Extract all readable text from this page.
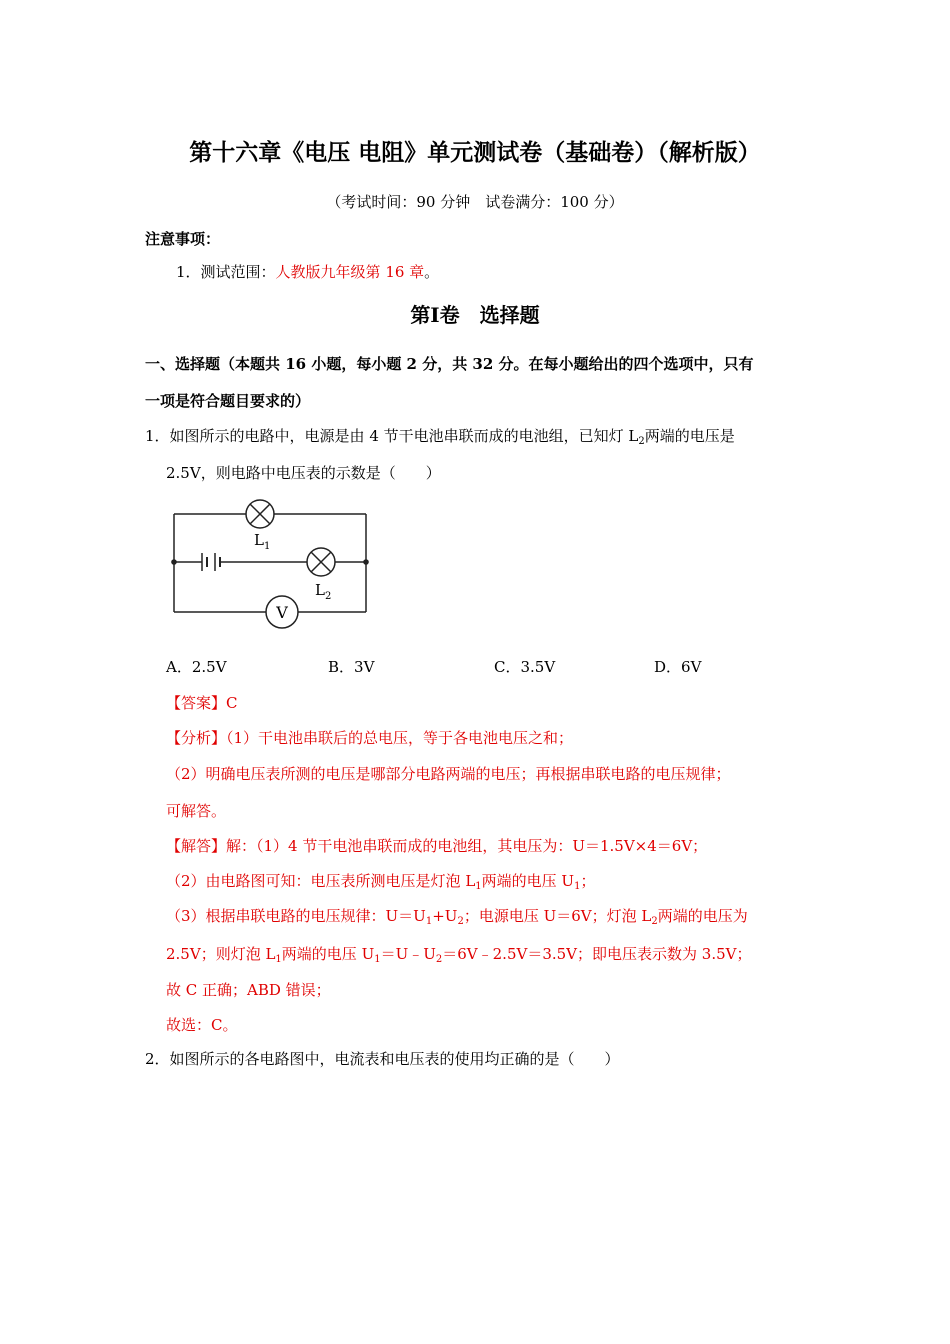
第十六章《电压 电阻》单元测试卷（基础卷）（解析版）
（考试时间：90 分钟　试卷满分：100 分）
注意事项：
1．测试范围：人教版九年级第 16 章。
第Ⅰ卷　选择题
一、选择题（本题共 16 小题，每小题 2 分，共 32 分。在每小题给出的四个选项中，只有
一项是符合题目要求的）
1．如图所示的电路中，电源是由 4 节干电池串联而成的电池组，已知灯 $L_2$两端的电压是
2.5V，则电路中电压表的示数是（　　）
$L_1$
$L_2$
V
A．2.5V	B．3V	C．3.5V	D．6V
【答案】C
【分析】（1）干电池串联后的总电压，等于各电池电压之和；
（2）明确电压表所测的电压是哪部分电路两端的电压；再根据串联电路的电压规律；
可解答。
【解答】解：（1）4 节干电池串联而成的电池组，其电压为：U＝1.5V×4＝6V；
（2）由电路图可知：电压表所测电压是灯泡 $L_1$两端的电压 $U_1$；
（3）根据串联电路的电压规律：$U=U_1+U_2$；电源电压 U＝6V；灯泡 $L_2$两端的电压为
2.5V；则灯泡 $L_1$两端的电压 $U_1=U﹣U_2=6V﹣2.5V=3.5V$；即电压表示数为 3.5V；
故 C 正确；ABD 错误；
故选：C。
2．如图所示的各电路图中，电流表和电压表的使用均正确的是（　　）
